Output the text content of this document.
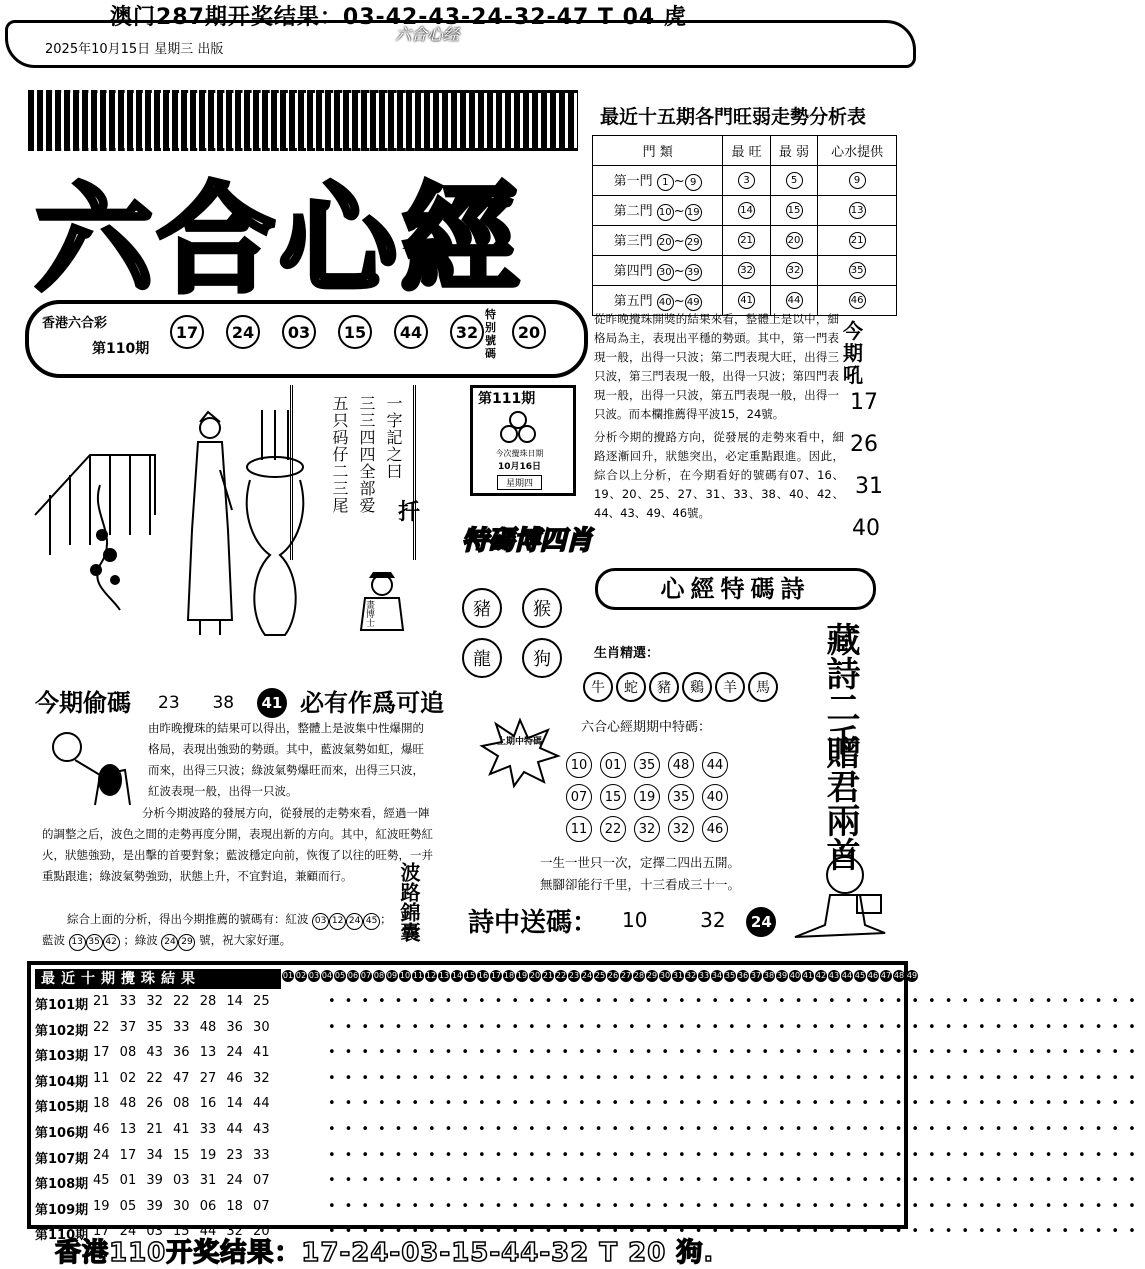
澳门287期开奖结果：03-42-43-24-32-47 T 04 虎
2025年10月15日 星期三 出版
六合心经
六合心經
香港六合彩
第110期
17	24	03	15	44	32
特别號碼
20
最近十五期各門旺弱走勢分析表
門 類	最 旺	最 弱	心水提供
第一門 1 ~ 9	3	5	9
第二門 10 ~ 19	14	15	13
第三門 20 ~ 29	21	20	21
第四門 30 ~ 39	32	32	35
第五門 40 ~ 49	41	44	46
從昨晚攪珠開獎的結果來看，整體上是以中，細格局為主，表現出平穩的勢頭。其中，第一門表現一般，出得一只波；第二門表現大旺，出得三只波，第三門表現一般，出得一只波；第四門表現一般，出得一只波，第五門表現一般，出得一只波。而本欄推薦得平波15，24號。
分析今期的攪路方向，從發展的走勢來看中，細路逐漸回升，狀態突出，必定重點跟進。因此，綜合以上分析，在今期看好的號碼有07、16、19、20、25、27、31、33、38、40、42、44、43、49、46號。
今期吼
17
26
31
40
畫博士
一字記之曰
三三四四全部爱
五只码仔二三尾 扦
第111期
今次攪珠日期
10月16日
星期四
特碼博四肖
豬	猴
龍	狗
心經特碼詩
藏詩二千
贈君兩首
今期偷碼 23 38 41 必有作爲可追
由昨晚攪珠的結果可以得出，整體上是波集中性爆開的格局，表現出強勁的勢頭。其中，藍波氣勢如虹，爆旺而來，出得三只波；綠波氣勢爆旺而來，出得三只波，紅波表現一般，出得一只波。
分析今期波路的發展方向，從發展的走勢來看，經過一陣的調整之后，波色之間的走勢再度分開，表現出新的方向。其中，紅波旺勢紅火，狀態強勁，是出擊的首要對象；藍波穩定向前，恢復了以往的旺勢，一并重點跟進；綠波氣勢強勁，狀態上升，不宜對追，兼顧而行。
綜合上面的分析，得出今期推薦的號碼有：紅波 03 12 24 45 ；
藍波 13 35 42 ；綠波 24 29 號，祝大家好運。	波路錦囊
生肖精選：
牛	蛇	豬	鷄	羊	馬
六合心經期期中特碼：
上期中特碼
10	01	35	48	44
07	15	19	35	40
11	22	32	32	46
一生一世只一次，定擇二四出五開。
無腳卻能行千里，十三看成三十一。
詩中送碼： 10	32 24
最近十期攪珠結果	01 02 03 04 05 06 07 08 09 10 11 12 13 14 15 16 17 18 19 20 21 22 23 24 25 26 27 28 29 30 31 32 33 34 35 36 37 38 39 40 41 42 43 44 45 46 47 48 49
第101期 21 33 32 22 28 14 25	•••••••••••••••••••••••••••••••••••••••••••••••••
第102期 22 37 35 33 48 36 30	•••••••••••••••••••••••••••••••••••••••••••••••••
第103期 17 08 43 36 13 24 41	•••••••••••••••••••••••••••••••••••••••••••••••••
第104期 11 02 22 47 27 46 32	•••••••••••••••••••••••••••••••••••••••••••••••••
第105期 18 48 26 08 16 14 44	•••••••••••••••••••••••••••••••••••••••••••••••••
第106期 46 13 21 41 33 44 43	•••••••••••••••••••••••••••••••••••••••••••••••••
第107期 24 17 34 15 19 23 33	•••••••••••••••••••••••••••••••••••••••••••••••••
第108期 45 01 39 03 31 24 07	•••••••••••••••••••••••••••••••••••••••••••••••••
第109期 19 05 39 30 06 18 07	•••••••••••••••••••••••••••••••••••••••••••••••••
第110期 17 24 03 15 44 32 20	•••••••••••••••••••••••••••••••••••••••••••••••••
香港110开奖结果：17-24-03-15-44-32 T 20 狗.
